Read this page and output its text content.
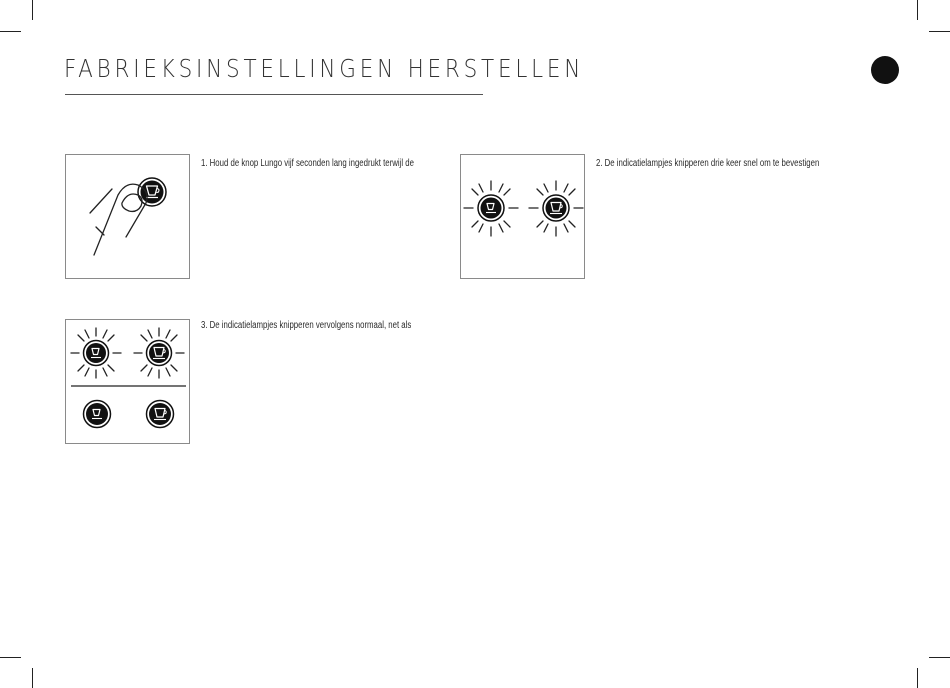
FABRIEKSINSTELLINGEN HERSTELLEN
1. Houd de knop Lungo vijf seconden lang ingedrukt terwijl de	2. De indicatielampjes knipperen drie keer snel om te bevestigen
3. De indicatielampjes knipperen vervolgens normaal, net als
